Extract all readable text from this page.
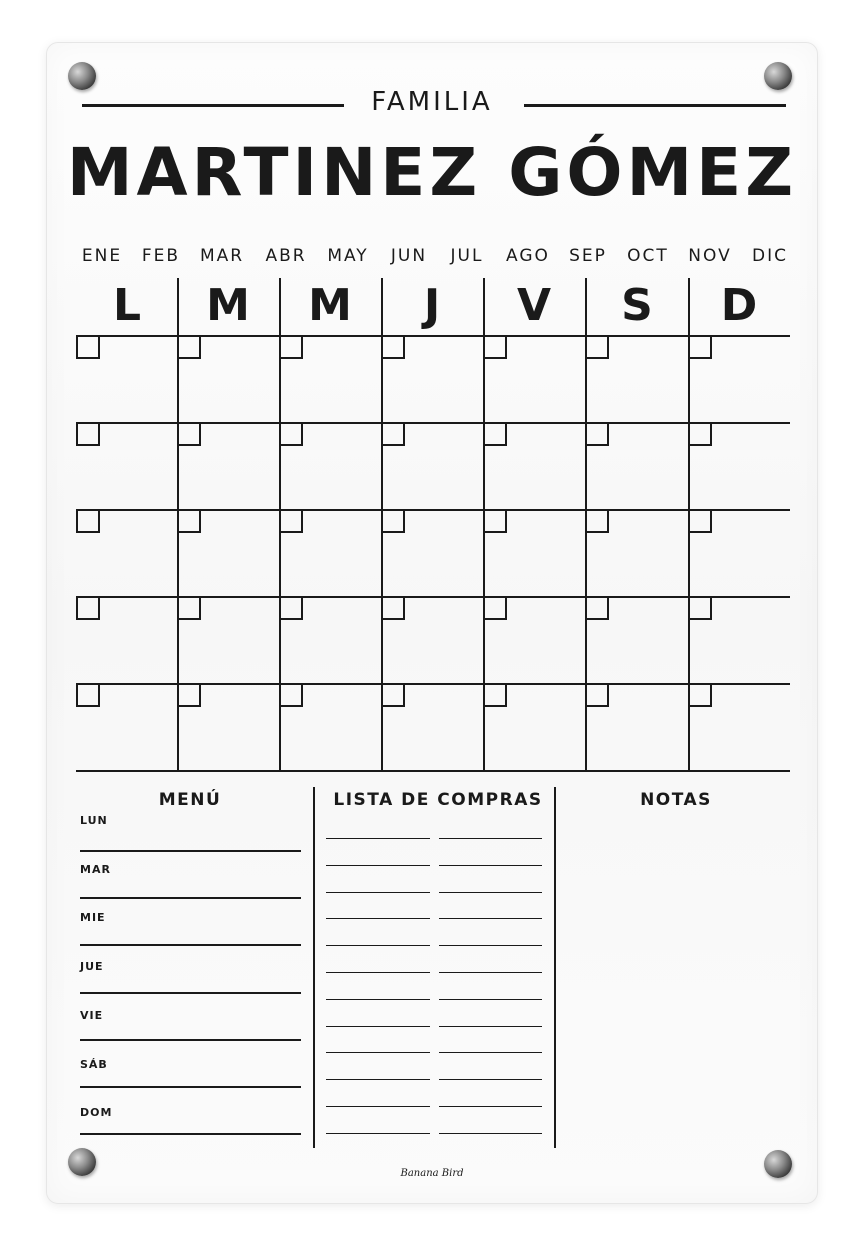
FAMILIA
MARTINEZ GÓMEZ
ENE FEB MAR ABR MAY JUN JUL AGO SEP OCT NOV DIC
L M M J V S D
MENÚ	LISTA DE COMPRAS	NOTAS
LUN
MAR
MIE
JUE
VIE
SÁB
DOM
Banana Bird
